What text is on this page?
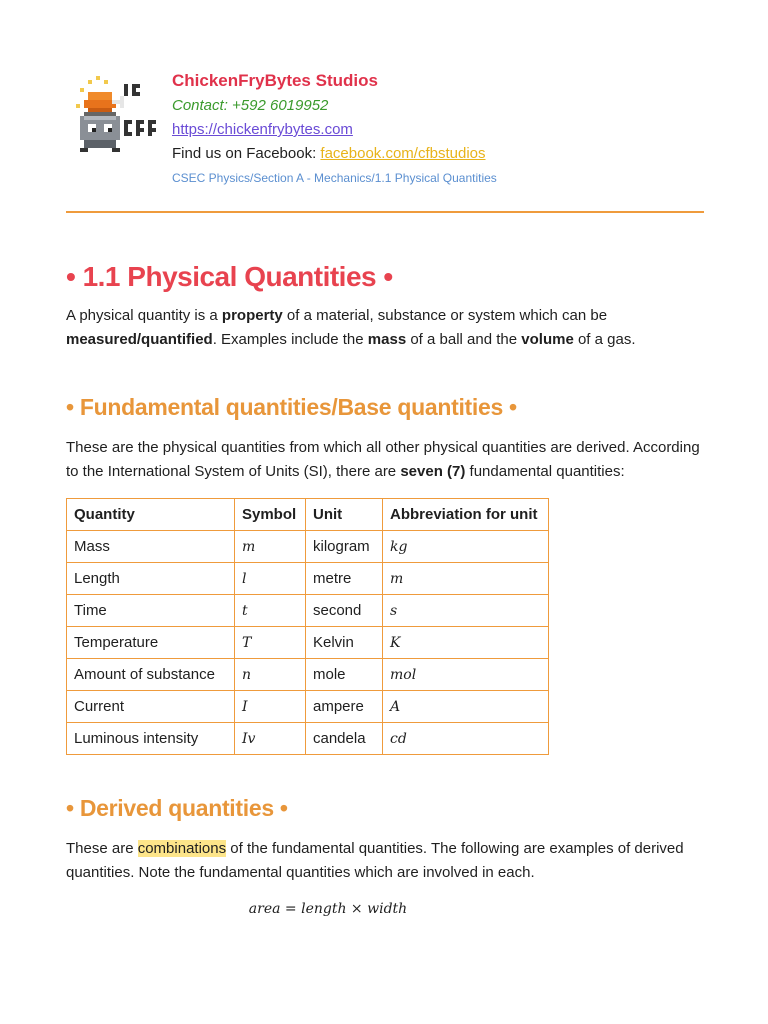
ChickenFryBytes Studios
Contact: +592 6019952
https://chickenfrybytes.com
Find us on Facebook: facebook.com/cfbstudios
CSEC Physics/Section A - Mechanics/1.1 Physical Quantities
• 1.1 Physical Quantities •

A physical quantity is a property of a material, substance or system which can be measured/quantified. Examples include the mass of a ball and the volume of a gas.

• Fundamental quantities/Base quantities •

These are the physical quantities from which all other physical quantities are derived. According to the International System of Units (SI), there are seven (7) fundamental quantities:

Quantity	Symbol	Unit	Abbreviation for unit
Mass	m	kilogram	kg
Length	l	metre	m
Time	t	second	s
Temperature	T	Kelvin	K
Amount of substance	n	mole	mol
Current	I	ampere	A
Luminous intensity	Iv	candela	cd
• Derived quantities •

These are combinations of the fundamental quantities. The following are examples of derived quantities. Note the fundamental quantities which are involved in each.

area = length × width
